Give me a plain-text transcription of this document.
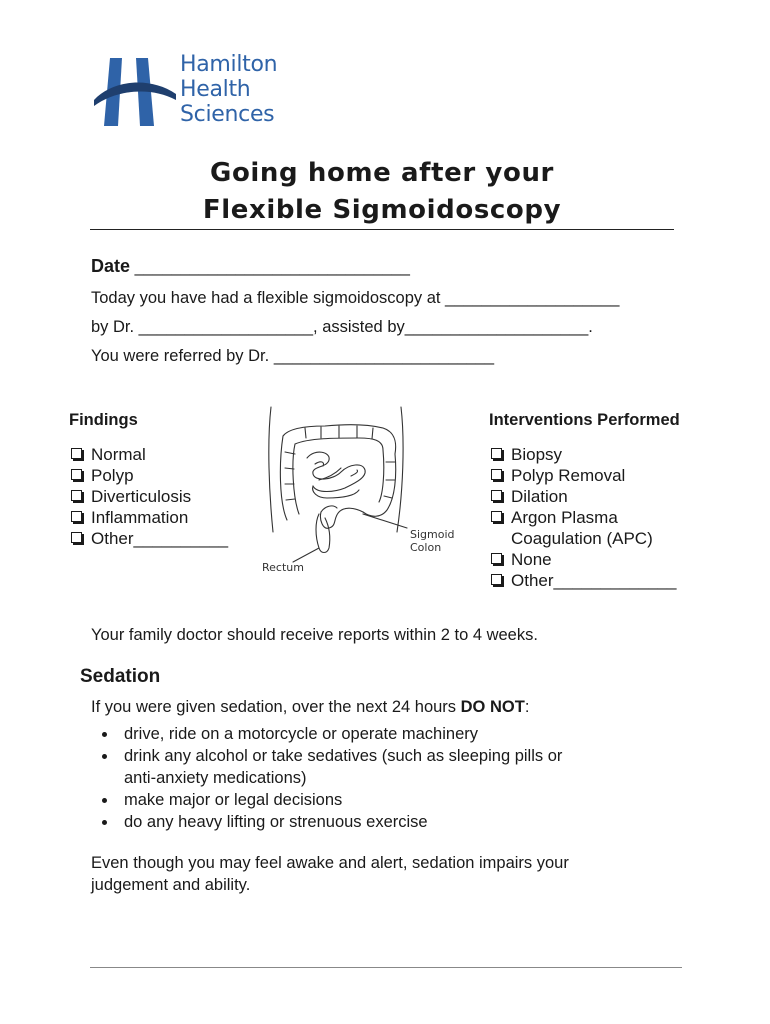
Hamilton
Health
Sciences
Going home after your
Flexible Sigmoidoscopy
Date ______________________________
Today you have had a flexible sigmoidoscopy at ___________________
by Dr. ___________________, assisted by____________________.
You were referred by Dr. ________________________
Findings
Normal
Polyp
Diverticulosis
Inflammation
Other__________	Sigmoid
Colon
Rectum
Interventions Performed
Biopsy
Polyp Removal
Dilation
Argon Plasma
Coagulation (APC)
None
Other_____________
Your family doctor should receive reports within 2 to 4 weeks.
Sedation
If you were given sedation, over the next 24 hours DO NOT:
drive, ride on a motorcycle or operate machinery
drink any alcohol or take sedatives (such as sleeping pills or
anti-anxiety medications)
make major or legal decisions
do any heavy lifting or strenuous exercise
Even though you may feel awake and alert, sedation impairs your
judgement and ability.
